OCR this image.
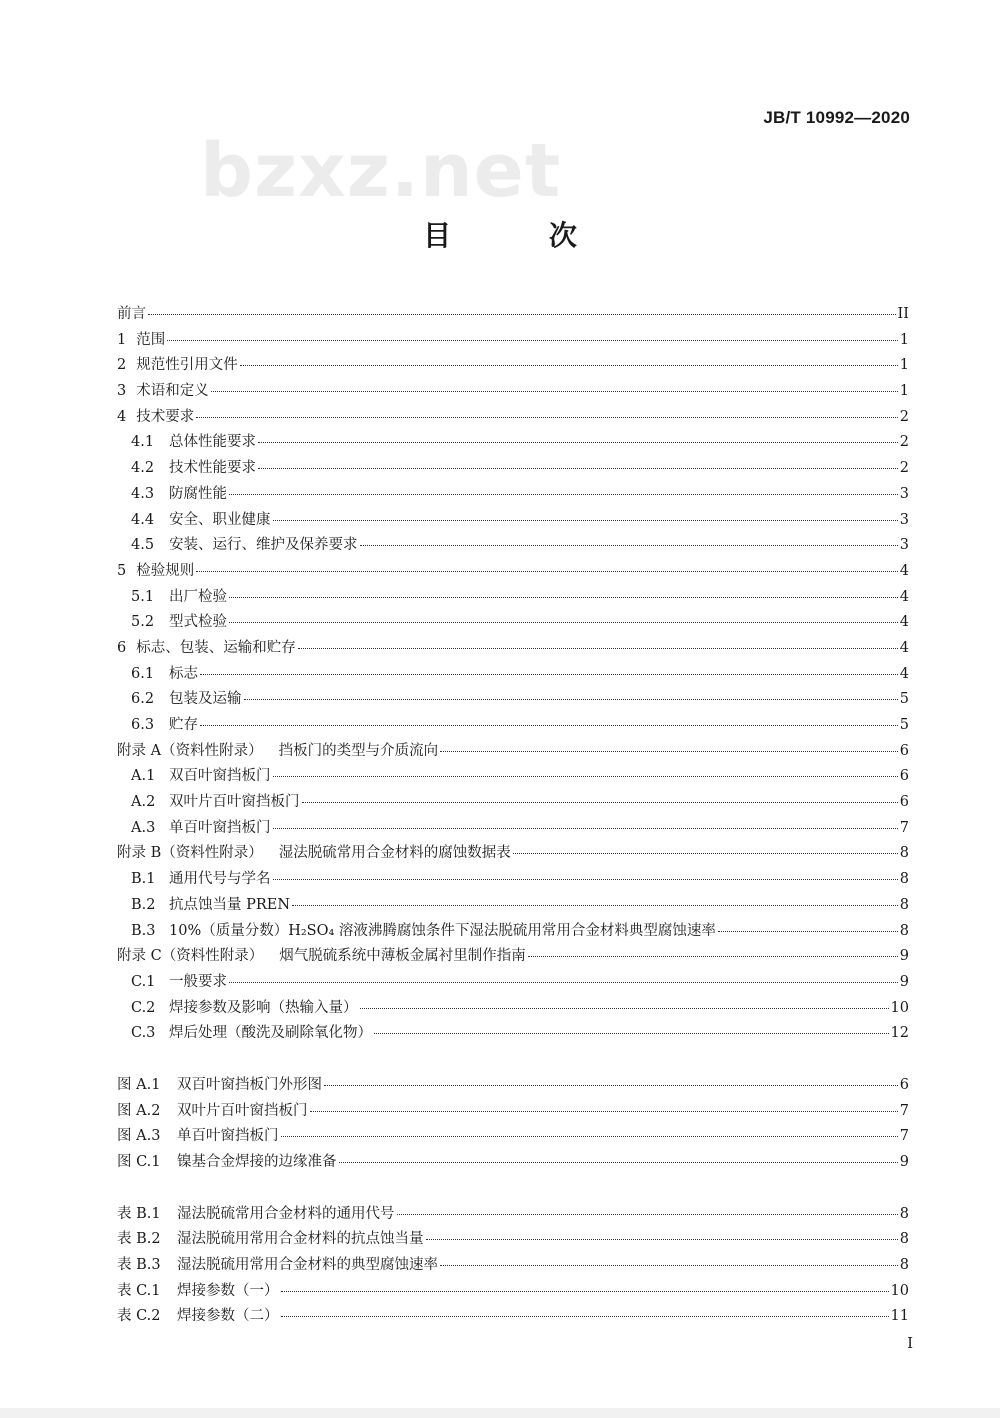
JB/T 10992—2020
bzxz.net
目 次
前言	II
1 范围	1
2 规范性引用文件	1
3 术语和定义	1
4 技术要求	2
4.1	总体性能要求	2
4.2	技术性能要求	2
4.3	防腐性能	3
4.4	安全、职业健康	3
4.5	安装、运行、维护及保养要求	3
5 检验规则	4
5.1	出厂检验	4
5.2	型式检验	4
6 标志、包装、运输和贮存	4
6.1	标志	4
6.2	包装及运输	5
6.3	贮存	5
附录 A（资料性附录） 挡板门的类型与介质流向	6
A.1 双百叶窗挡板门	6
A.2 双叶片百叶窗挡板门	6
A.3 单百叶窗挡板门	7
附录 B（资料性附录） 湿法脱硫常用合金材料的腐蚀数据表	8
B.1 通用代号与学名	8
B.2 抗点蚀当量 PREN	8
B.3 10%（质量分数）H₂SO₄ 溶液沸腾腐蚀条件下湿法脱硫用常用合金材料典型腐蚀速率	8
附录 C（资料性附录） 烟气脱硫系统中薄板金属衬里制作指南	9
C.1 一般要求	9
C.2 焊接参数及影响（热输入量）	10
C.3 焊后处理（酸洗及刷除氧化物）	12
图 A.1	双百叶窗挡板门外形图	6
图 A.2	双叶片百叶窗挡板门	7
图 A.3	单百叶窗挡板门	7
图 C.1	镍基合金焊接的边缘准备	9
表 B.1	湿法脱硫常用合金材料的通用代号	8
表 B.2	湿法脱硫用常用合金材料的抗点蚀当量	8
表 B.3	湿法脱硫用常用合金材料的典型腐蚀速率	8
表 C.1	焊接参数（一）	10
表 C.2	焊接参数（二）	11
I
